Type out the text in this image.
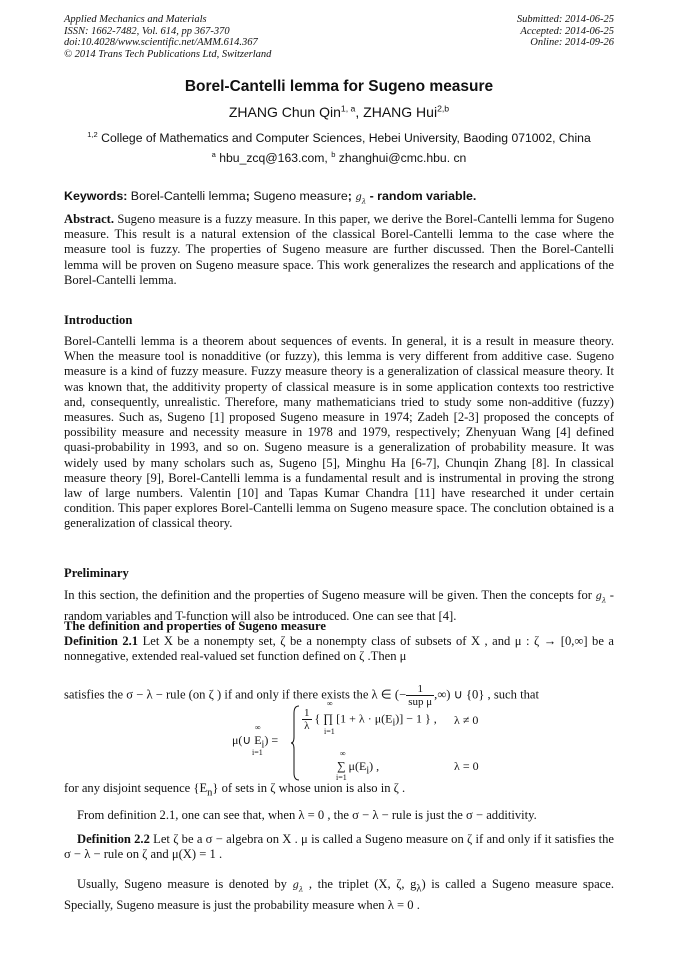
Applied Mechanics and Materials
ISSN: 1662-7482, Vol. 614, pp 367-370
doi:10.4028/www.scientific.net/AMM.614.367
© 2014 Trans Tech Publications Ltd, Switzerland
Submitted: 2014-06-25
Accepted: 2014-06-25
Online: 2014-09-26
Borel-Cantelli lemma for Sugeno measure
ZHANG Chun Qin$^{1, a}$, ZHANG Hui$^{2,b}$
$^{1,2}$ College of Mathematics and Computer Sciences, Hebei University, Baoding 071002, China
$^a$ hbu_zcq@163.com, $^b$ zhanghui@cmc.hbu. cn
Keywords: Borel-Cantelli lemma; Sugeno measure; $g_\lambda$ - random variable.
Abstract. Sugeno measure is a fuzzy measure. In this paper, we derive the Borel-Cantelli lemma for Sugeno measure. This result is a natural extension of the classical Borel-Cantelli lemma to the case where the measure tool is fuzzy. The properties of Sugeno measure are further discussed. Then the Borel-Cantelli lemma will be proven on Sugeno measure space. This work generalizes the research and applications of the Borel-Cantelli lemma.
Introduction
Borel-Cantelli lemma is a theorem about sequences of events. In general, it is a result in measure theory. When the measure tool is nonadditive (or fuzzy), this lemma is very different from additive case. Sugeno measure is a kind of fuzzy measure. Fuzzy measure theory is a generalization of classical measure theory. It was known that, the additivity property of classical measure is in some application contexts too restrictive and, consequently, unrealistic. Therefore, many mathematicians tried to study some non-additive (fuzzy) measures. Such as, Sugeno [1] proposed Sugeno measure in 1974; Zadeh [2-3] proposed the concepts of possibility measure and necessity measure in 1978 and 1979, respectively; Zhenyuan Wang [4] defined quasi-probability in 1993, and so on. Sugeno measure is a generalization of probability measure. It was widely used by many scholars such as, Sugeno [5], Minghu Ha [6-7], Chunqin Zhang [8]. In classical measure theory [9], Borel-Cantelli lemma is a fundamental result and is instrumental in proving the strong law of large numbers. Valentin [10] and Tapas Kumar Chandra [11] have researched it under certain condition. This paper explores Borel-Cantelli lemma on Sugeno measure space. The conclution obtained is a generalization of classical theory.
Preliminary
In this section, the definition and the properties of Sugeno measure will be given. Then the concepts for $g_\lambda$ - random variables and T-function will also be introduced. One can see that [4].
The definition and properties of Sugeno measure
Definition 2.1 Let X be a nonempty set, ζ be a nonempty class of subsets of X , and μ : ζ → [0,∞] be a nonnegative, extended real-valued set function defined on ζ .Then μ
satisfies the σ − λ − rule (on ζ ) if and only if there exists the λ ∈ (− $\frac{1}{\text{sup μ}}$ ,∞) ∪ {0} , such that
μ(∪ $E_i$) =
∞
i=1
$\frac{1}{\lambda}$ { ∏ $[1 + \lambda \cdot \mu(E_i)] - 1$ } ,
∞
i=1
λ ≠ 0
∑ $\mu(E_i)$ ,
∞
i=1
λ = 0
for any disjoint sequence $\{E_n\}$ of sets in ζ whose union is also in ζ .
From definition 2.1, one can see that, when λ = 0 , the σ − λ − rule is just the σ − additivity.
Definition 2.2 Let ζ be a σ − algebra on X . μ is called a Sugeno measure on ζ if and only if it satisfies the σ − λ − rule on ζ and μ(X) = 1 .
Usually, Sugeno measure is denoted by $g_\lambda$ , the triplet (X, ζ, $g_\lambda$) is called a Sugeno measure space. Specially, Sugeno measure is just the probability measure when λ = 0 .
